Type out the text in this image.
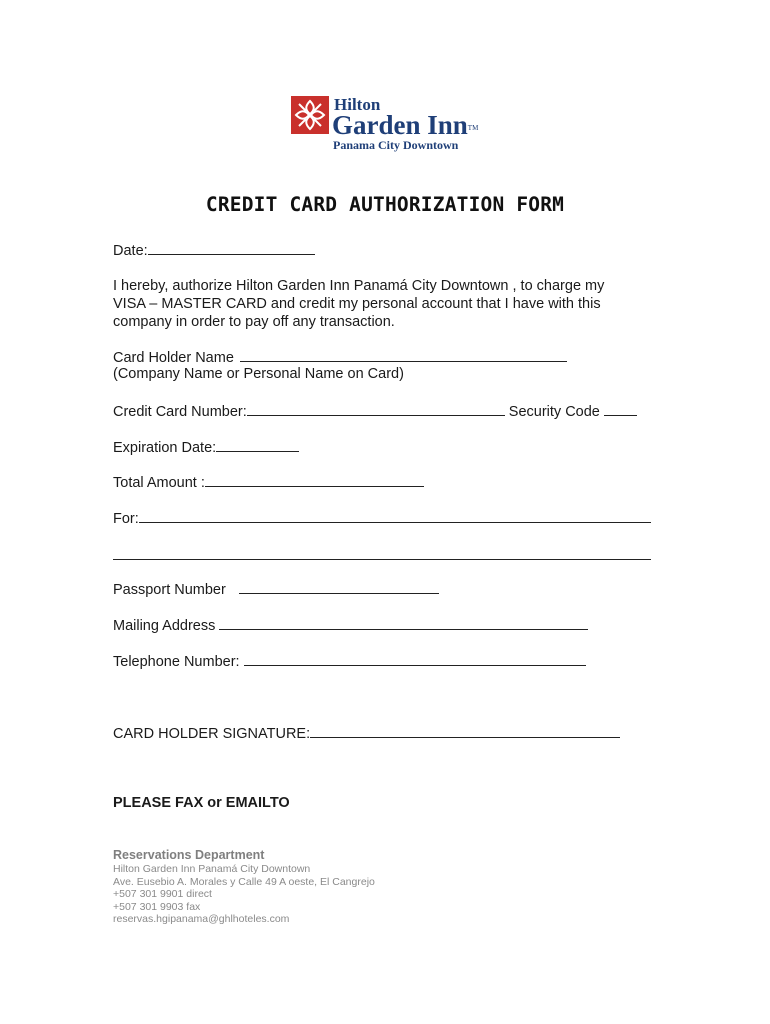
Hilton
Garden Inn™
Panama City Downtown
CREDIT CARD AUTHORIZATION FORM
Date:
I hereby, authorize Hilton Garden Inn Panamá City Downtown , to charge my
VISA – MASTER CARD and credit my personal account that I have with this
company in order to pay off any transaction.
Card Holder Name
(Company Name or Personal Name on Card)
Credit Card Number:	Security Code
Expiration Date:
Total Amount :
For:
Passport Number
Mailing Address
Telephone Number:
CARD HOLDER SIGNATURE:
PLEASE FAX or EMAILTO
Reservations Department
Hilton Garden Inn Panamá City Downtown
Ave. Eusebio A. Morales y Calle 49 A oeste, El Cangrejo
+507 301 9901 direct
+507 301 9903 fax
reservas.hgipanama@ghlhoteles.com
